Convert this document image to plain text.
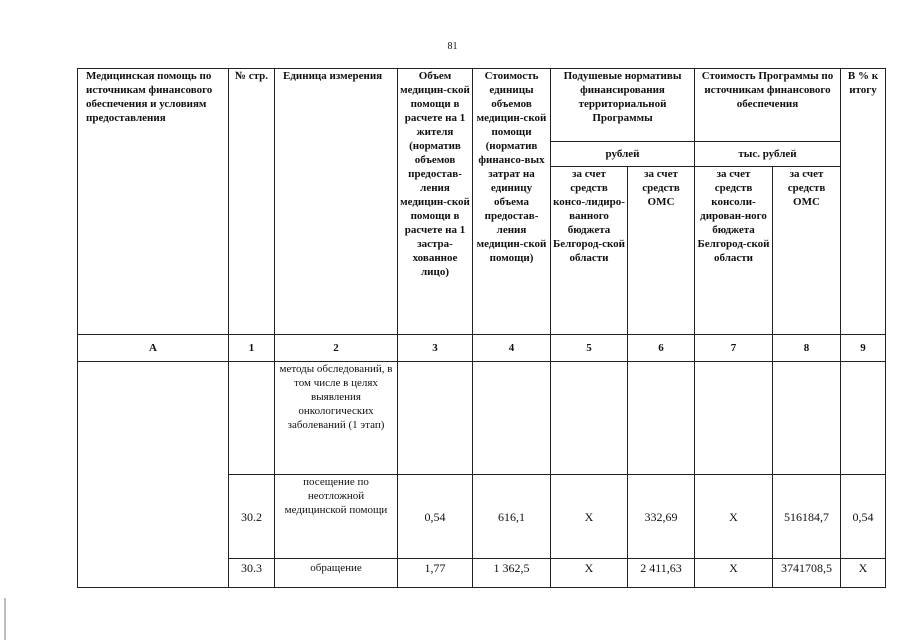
81
Медицинская помощь по источникам финансового обеспечения и условиям предоставления	№ стр.	Единица измерения	Объем медицин-ской помощи в расчете на 1 жителя (норматив объемов предостав-ления медицин-ской помощи в расчете на 1 застра-хованное лицо)	Стоимость единицы объемов медицин-ской помощи (норматив финансо-вых затрат на единицу объема предостав-ления медицин-ской помощи)	Подушевые нормативы финансирования территориальной Программы		Стоимость Программы по источникам финансового обеспечения		В % к итогу
					рублей		тыс. рублей		
					за счет средств консо-лидиро-ванного бюджета Белгород-ской области	за счет средств ОМС	за счет средств консоли-дирован-ного бюджета Белгород-ской области	за счет средств ОМС	
А	1	2	3	4	5	6	7	8	9
		методы обследований, в том числе в целях выявления онкологических заболеваний (1 этап)							
	30.2	посещение по неотложной медицинской помощи	0,54	616,1	Х	332,69	Х	516184,7	0,54
	30.3	обращение	1,77	1 362,5	Х	2 411,63	Х	3741708,5	Х
